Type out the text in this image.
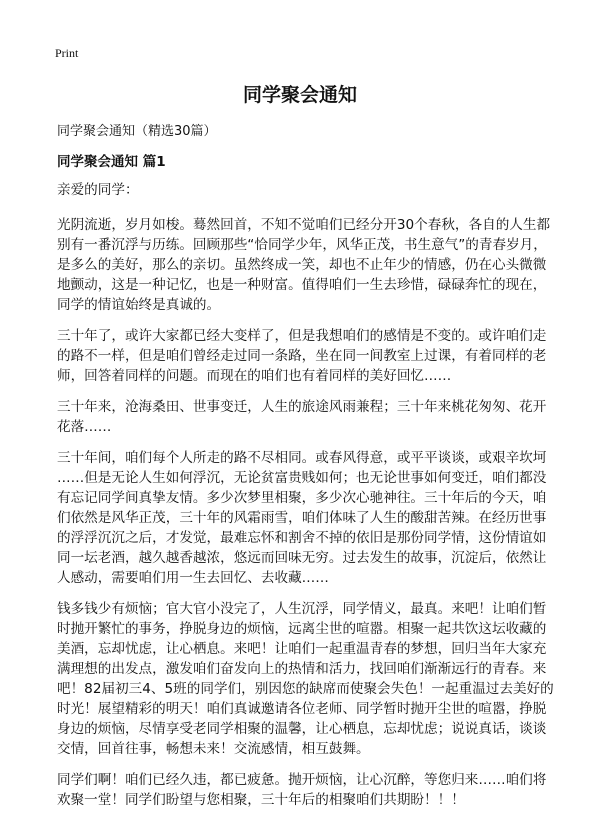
Print
同学聚会通知
同学聚会通知（精选30篇）
同学聚会通知 篇1
亲爱的同学：
光阴流逝，岁月如梭。蓦然回首，不知不觉咱们已经分开30个春秋，各自的人生都
别有一番沉浮与历练。回顾那些“恰同学少年，风华正茂，书生意气”的青春岁月，
是多么的美好，那么的亲切。虽然终成一笑，却也不止年少的情感，仍在心头微微
地颤动，这是一种记忆，也是一种财富。值得咱们一生去珍惜，碌碌奔忙的现在，
同学的情谊始终是真诚的。
三十年了，或许大家都已经大变样了，但是我想咱们的感情是不变的。或许咱们走
的路不一样，但是咱们曾经走过同一条路，坐在同一间教室上过课，有着同样的老
师，回答着同样的问题。而现在的咱们也有着同样的美好回忆……
三十年来，沧海桑田、世事变迁，人生的旅途风雨兼程；三十年来桃花匆匆、花开
花落……
三十年间，咱们每个人所走的路不尽相同。或春风得意，或平平谈谈，或艰辛坎坷
……但是无论人生如何浮沉，无论贫富贵贱如何；也无论世事如何变迁，咱们都没
有忘记同学间真挚友情。多少次梦里相聚，多少次心驰神往。三十年后的今天，咱
们依然是风华正茂，三十年的风霜雨雪，咱们体味了人生的酸甜苦辣。在经历世事
的浮浮沉沉之后，才发觉，最难忘怀和割舍不掉的依旧是那份同学情，这份情谊如
同一坛老酒，越久越香越浓，悠远而回味无穷。过去发生的故事，沉淀后，依然让
人感动，需要咱们用一生去回忆、去收藏……
钱多钱少有烦恼；官大官小没完了，人生沉浮，同学情义，最真。来吧！让咱们暂
时抛开繁忙的事务，挣脱身边的烦恼，远离尘世的喧嚣。相聚一起共饮这坛收藏的
美酒，忘却忧虑，让心栖息。来吧！让咱们一起重温青春的梦想，回归当年大家充
满理想的出发点，激发咱们奋发向上的热情和活力，找回咱们渐渐远行的青春。来
吧！82届初三4、5班的同学们，别因您的缺席而使聚会失色！一起重温过去美好的
时光！展望精彩的明天！咱们真诚邀请各位老师、同学暂时抛开尘世的喧嚣，挣脱
身边的烦恼，尽情享受老同学相聚的温馨，让心栖息，忘却忧虑；说说真话，谈谈
交情，回首往事，畅想未来！交流感情，相互鼓舞。
同学们啊！咱们已经久违，都已疲惫。抛开烦恼，让心沉醉，等您归来……咱们将
欢聚一堂！同学们盼望与您相聚，三十年后的相聚咱们共期盼！！！
